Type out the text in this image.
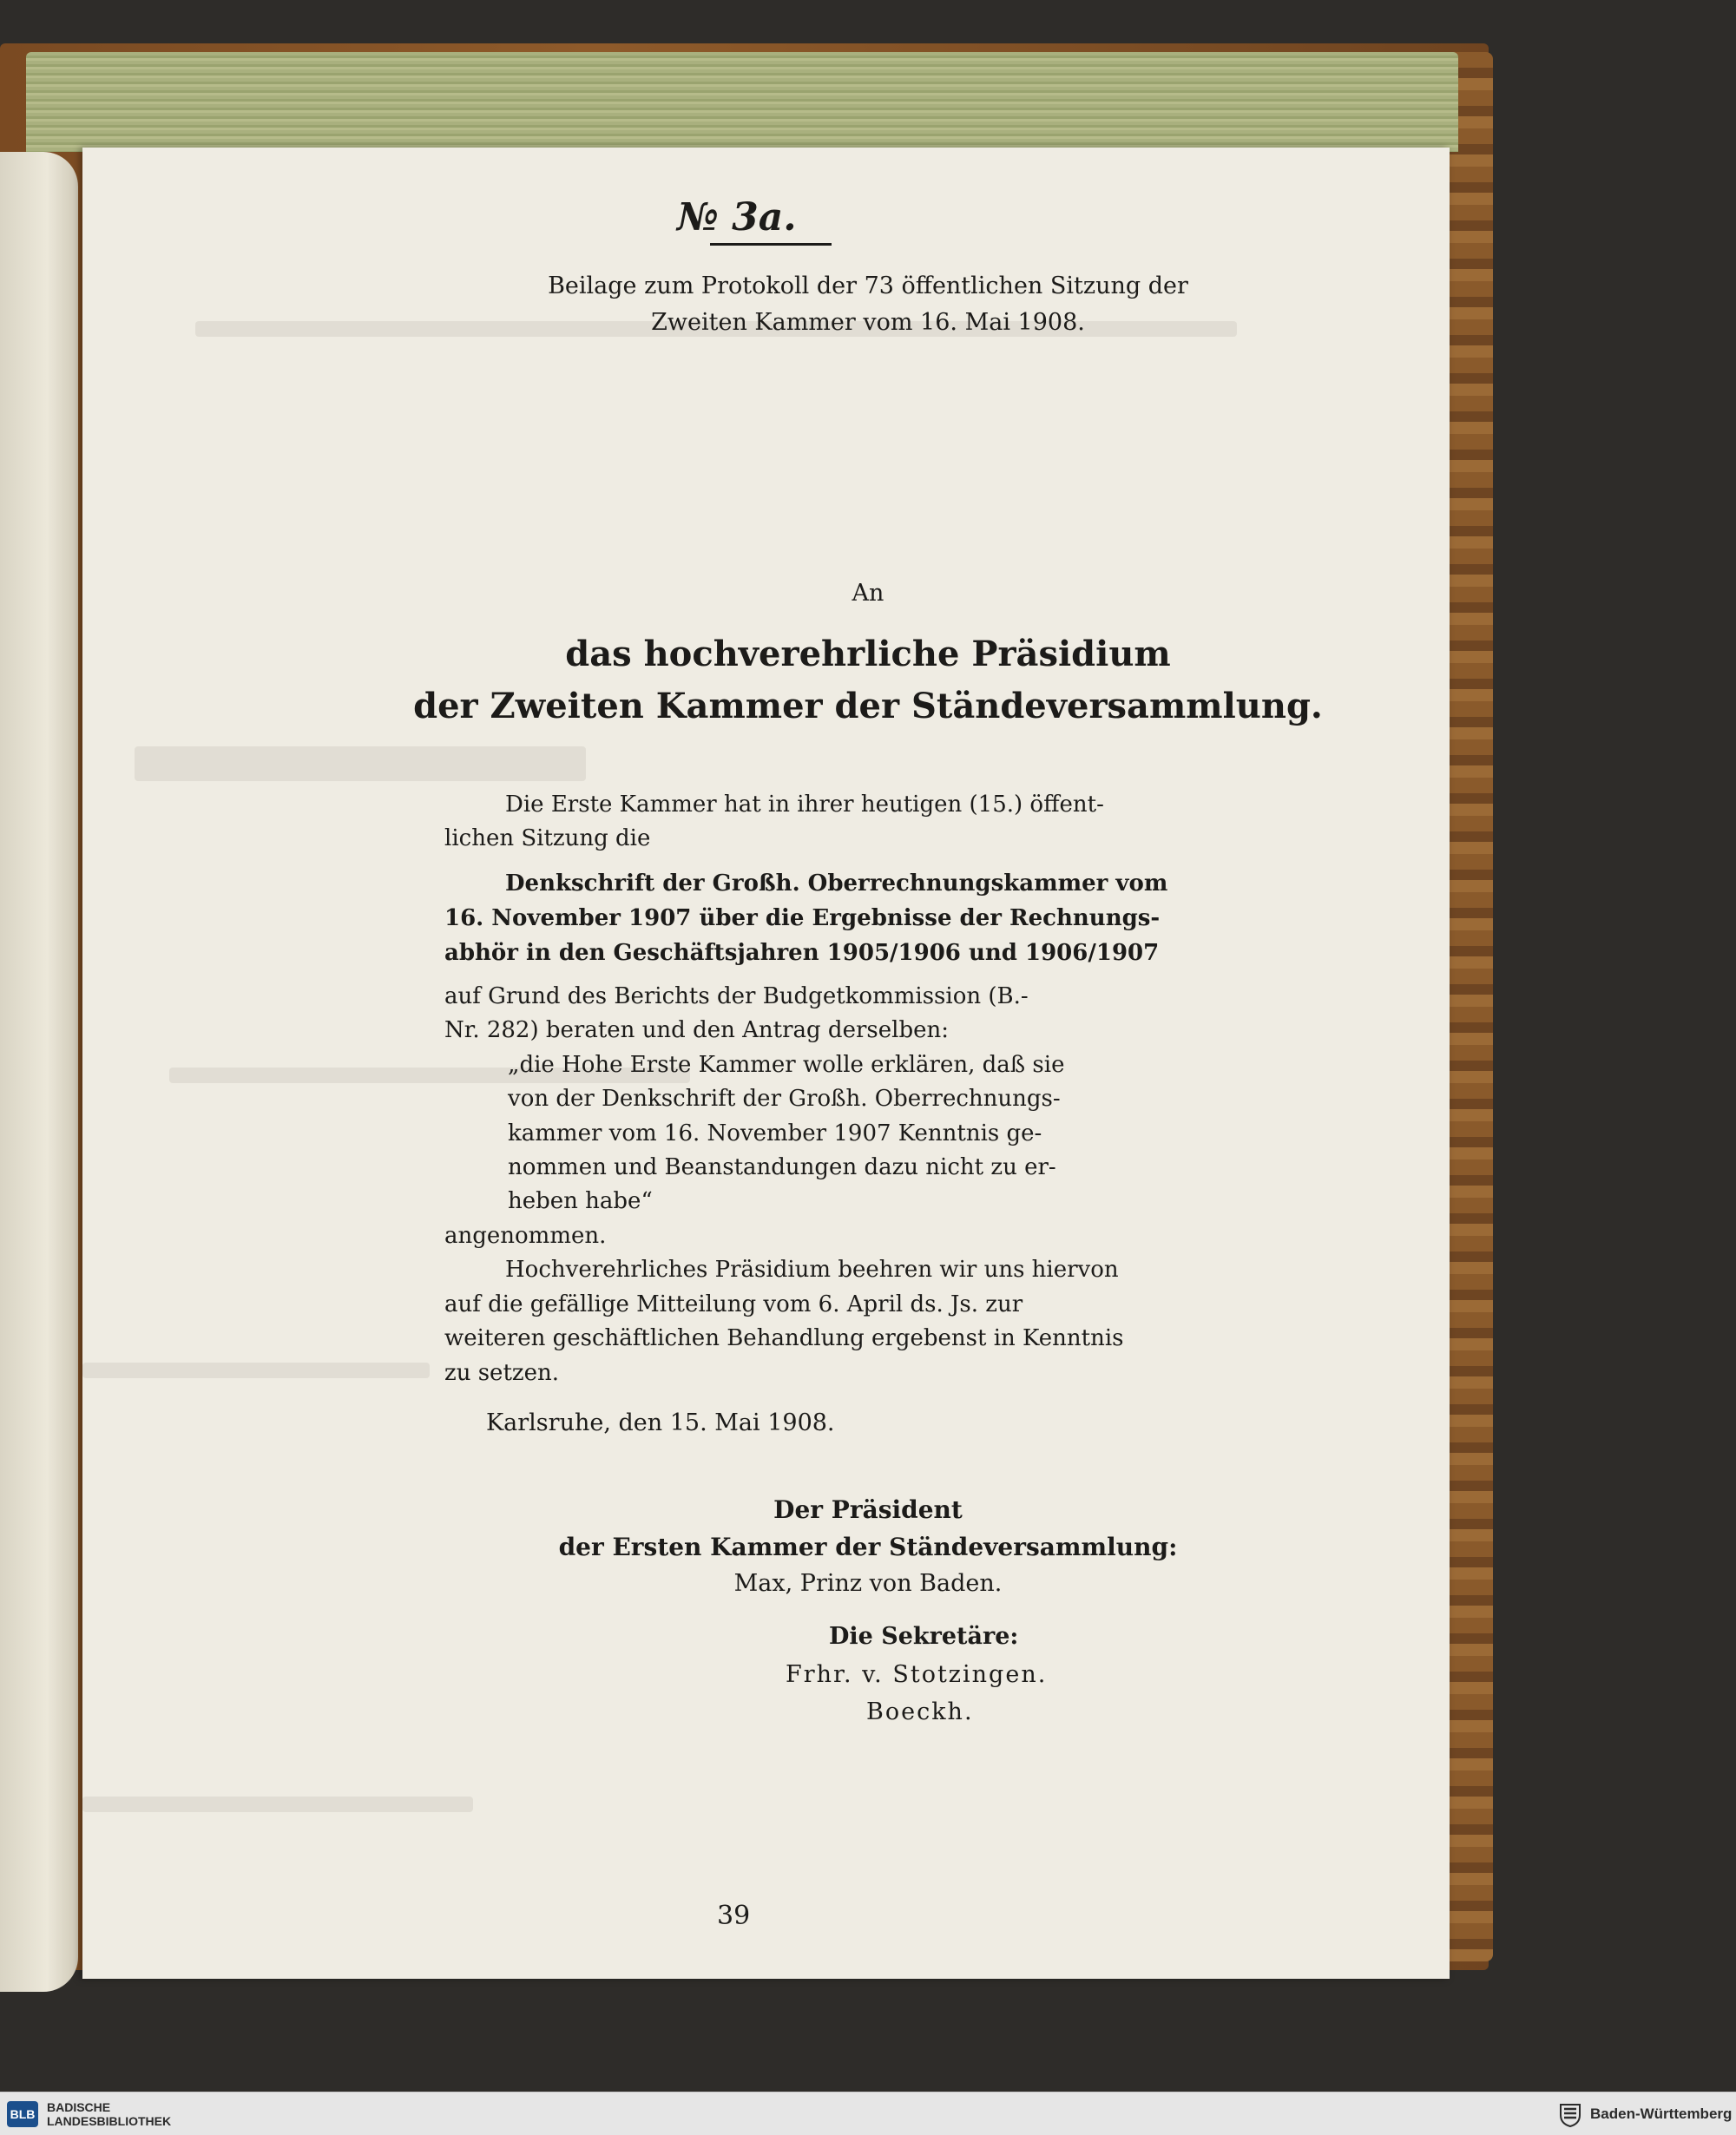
№ 3a.
Beilage zum Protokoll der 73 öffentlichen Sitzung der
Zweiten Kammer vom 16. Mai 1908.
An
das hochverehrliche Präsidium
der Zweiten Kammer der Ständeversammlung.
Die Erste Kammer hat in ihrer heutigen (15.) öffent-
lichen Sitzung die
Denkschrift der Großh. Oberrechnungskammer vom
16. November 1907 über die Ergebnisse der Rechnungs-
abhör in den Geschäftsjahren 1905/1906 und 1906/1907
auf Grund des Berichts der Budgetkommission (B.-
Nr. 282) beraten und den Antrag derselben:
„die Hohe Erste Kammer wolle erklären, daß sie
von der Denkschrift der Großh. Oberrechnungs-
kammer vom 16. November 1907 Kenntnis ge-
nommen und Beanstandungen dazu nicht zu er-
heben habe“
angenommen.
Hochverehrliches Präsidium beehren wir uns hiervon
auf die gefällige Mitteilung vom 6. April ds. Js. zur
weiteren geschäftlichen Behandlung ergebenst in Kenntnis
zu setzen.
Karlsruhe, den 15. Mai 1908.
Der Präsident
der Ersten Kammer der Ständeversammlung:
Max, Prinz von Baden.
Die Sekretäre:
Frhr. v. Stotzingen.
Boeckh.
39
BLB BADISCHE
LANDESBIBLIOTHEK	Baden-Württemberg
